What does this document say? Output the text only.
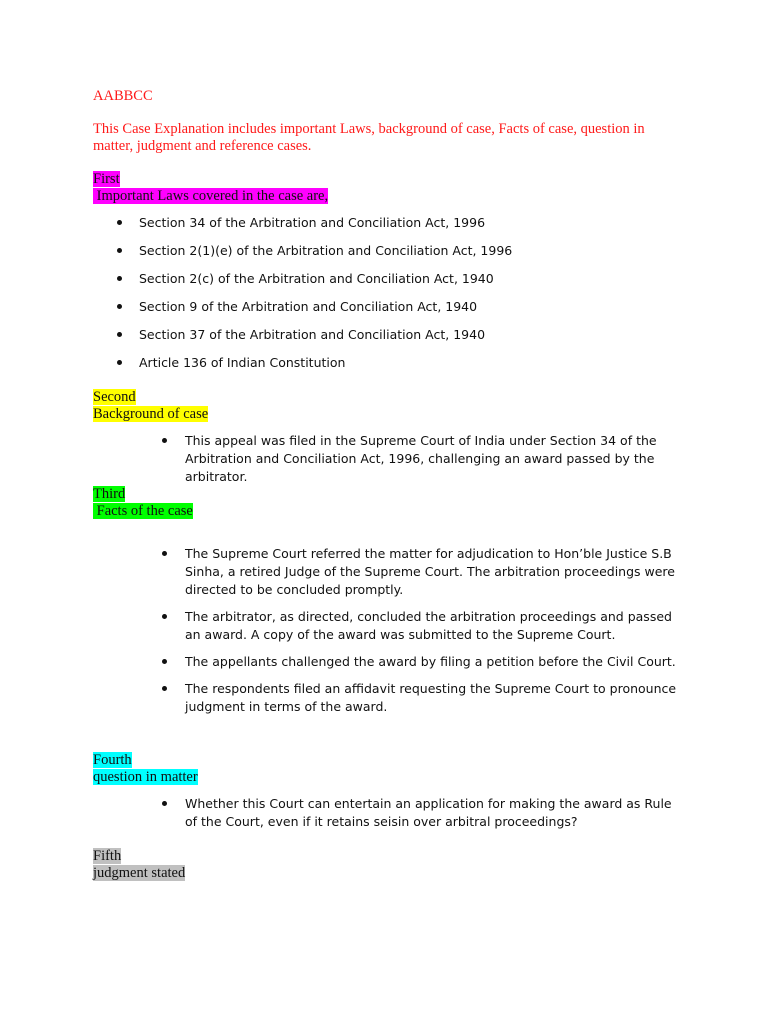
AABBCC
This Case Explanation includes important Laws, background of case, Facts of case, question in matter, judgment and reference cases.
First
Important Laws covered in the case are,
Section 34 of the Arbitration and Conciliation Act, 1996
Section 2(1)(e) of the Arbitration and Conciliation Act, 1996
Section 2(c) of the Arbitration and Conciliation Act, 1940
Section 9 of the Arbitration and Conciliation Act, 1940
Section 37 of the Arbitration and Conciliation Act, 1940
Article 136 of Indian Constitution
Second
Background of case
This appeal was filed in the Supreme Court of India under Section 34 of the Arbitration and Conciliation Act, 1996, challenging an award passed by the arbitrator.
Third
Facts of the case
The Supreme Court referred the matter for adjudication to Hon’ble Justice S.B Sinha, a retired Judge of the Supreme Court. The arbitration proceedings were directed to be concluded promptly.
The arbitrator, as directed, concluded the arbitration proceedings and passed an award. A copy of the award was submitted to the Supreme Court.
The appellants challenged the award by filing a petition before the Civil Court.
The respondents filed an affidavit requesting the Supreme Court to pronounce judgment in terms of the award.
Fourth
question in matter
Whether this Court can entertain an application for making the award as Rule of the Court, even if it retains seisin over arbitral proceedings?
Fifth
judgment stated
